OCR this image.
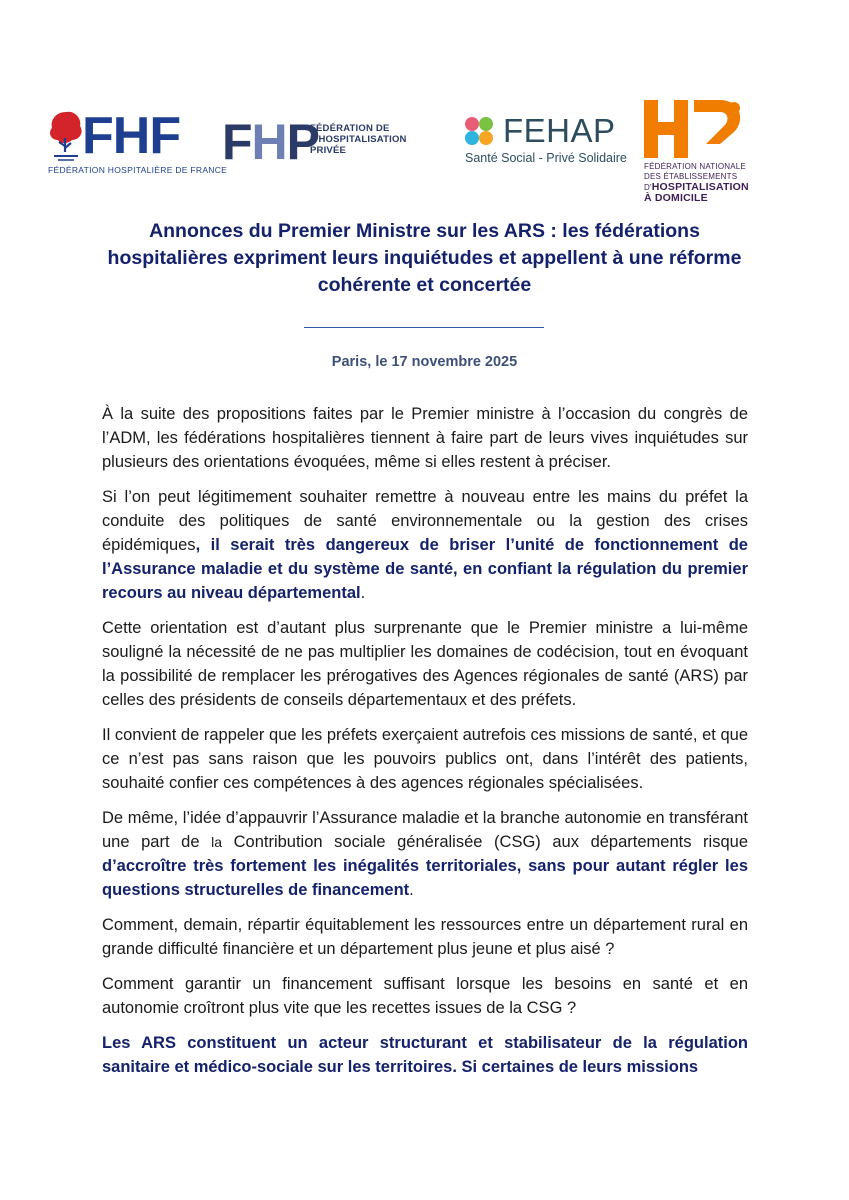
FHF
FÉDÉRATION HOSPITALIÈRE DE FRANCE
FHP
FÉDÉRATION DE
L'HOSPITALISATION
PRIVÉE
FEHAP
Santé Social - Privé Solidaire
FÉDÉRATION NATIONALE
DES ÉTABLISSEMENTS
D'HOSPITALISATION
À DOMICILE
Annonces du Premier Ministre sur les ARS : les fédérations hospitalières expriment leurs inquiétudes et appellent à une réforme cohérente et concertée
Paris, le 17 novembre 2025

À la suite des propositions faites par le Premier ministre à l’occasion du congrès de l’ADM, les fédérations hospitalières tiennent à faire part de leurs vives inquiétudes sur plusieurs des orientations évoquées, même si elles restent à préciser.

Si l’on peut légitimement souhaiter remettre à nouveau entre les mains du préfet la conduite des politiques de santé environnementale ou la gestion des crises épidémiques, il serait très dangereux de briser l’unité de fonctionnement de l’Assurance maladie et du système de santé, en confiant la régulation du premier recours au niveau départemental.

Cette orientation est d’autant plus surprenante que le Premier ministre a lui-même souligné la nécessité de ne pas multiplier les domaines de codécision, tout en évoquant la possibilité de remplacer les prérogatives des Agences régionales de santé (ARS) par celles des présidents de conseils départementaux et des préfets.

Il convient de rappeler que les préfets exerçaient autrefois ces missions de santé, et que ce n’est pas sans raison que les pouvoirs publics ont, dans l’intérêt des patients, souhaité confier ces compétences à des agences régionales spécialisées.

De même, l’idée d’appauvrir l’Assurance maladie et la branche autonomie en transférant une part de la Contribution sociale généralisée (CSG) aux départements risque d’accroître très fortement les inégalités territoriales, sans pour autant régler les questions structurelles de financement.

Comment, demain, répartir équitablement les ressources entre un département rural en grande difficulté financière et un département plus jeune et plus aisé ?

Comment garantir un financement suffisant lorsque les besoins en santé et en autonomie croîtront plus vite que les recettes issues de la CSG ?

Les ARS constituent un acteur structurant et stabilisateur de la régulation sanitaire et médico-sociale sur les territoires. Si certaines de leurs missions
